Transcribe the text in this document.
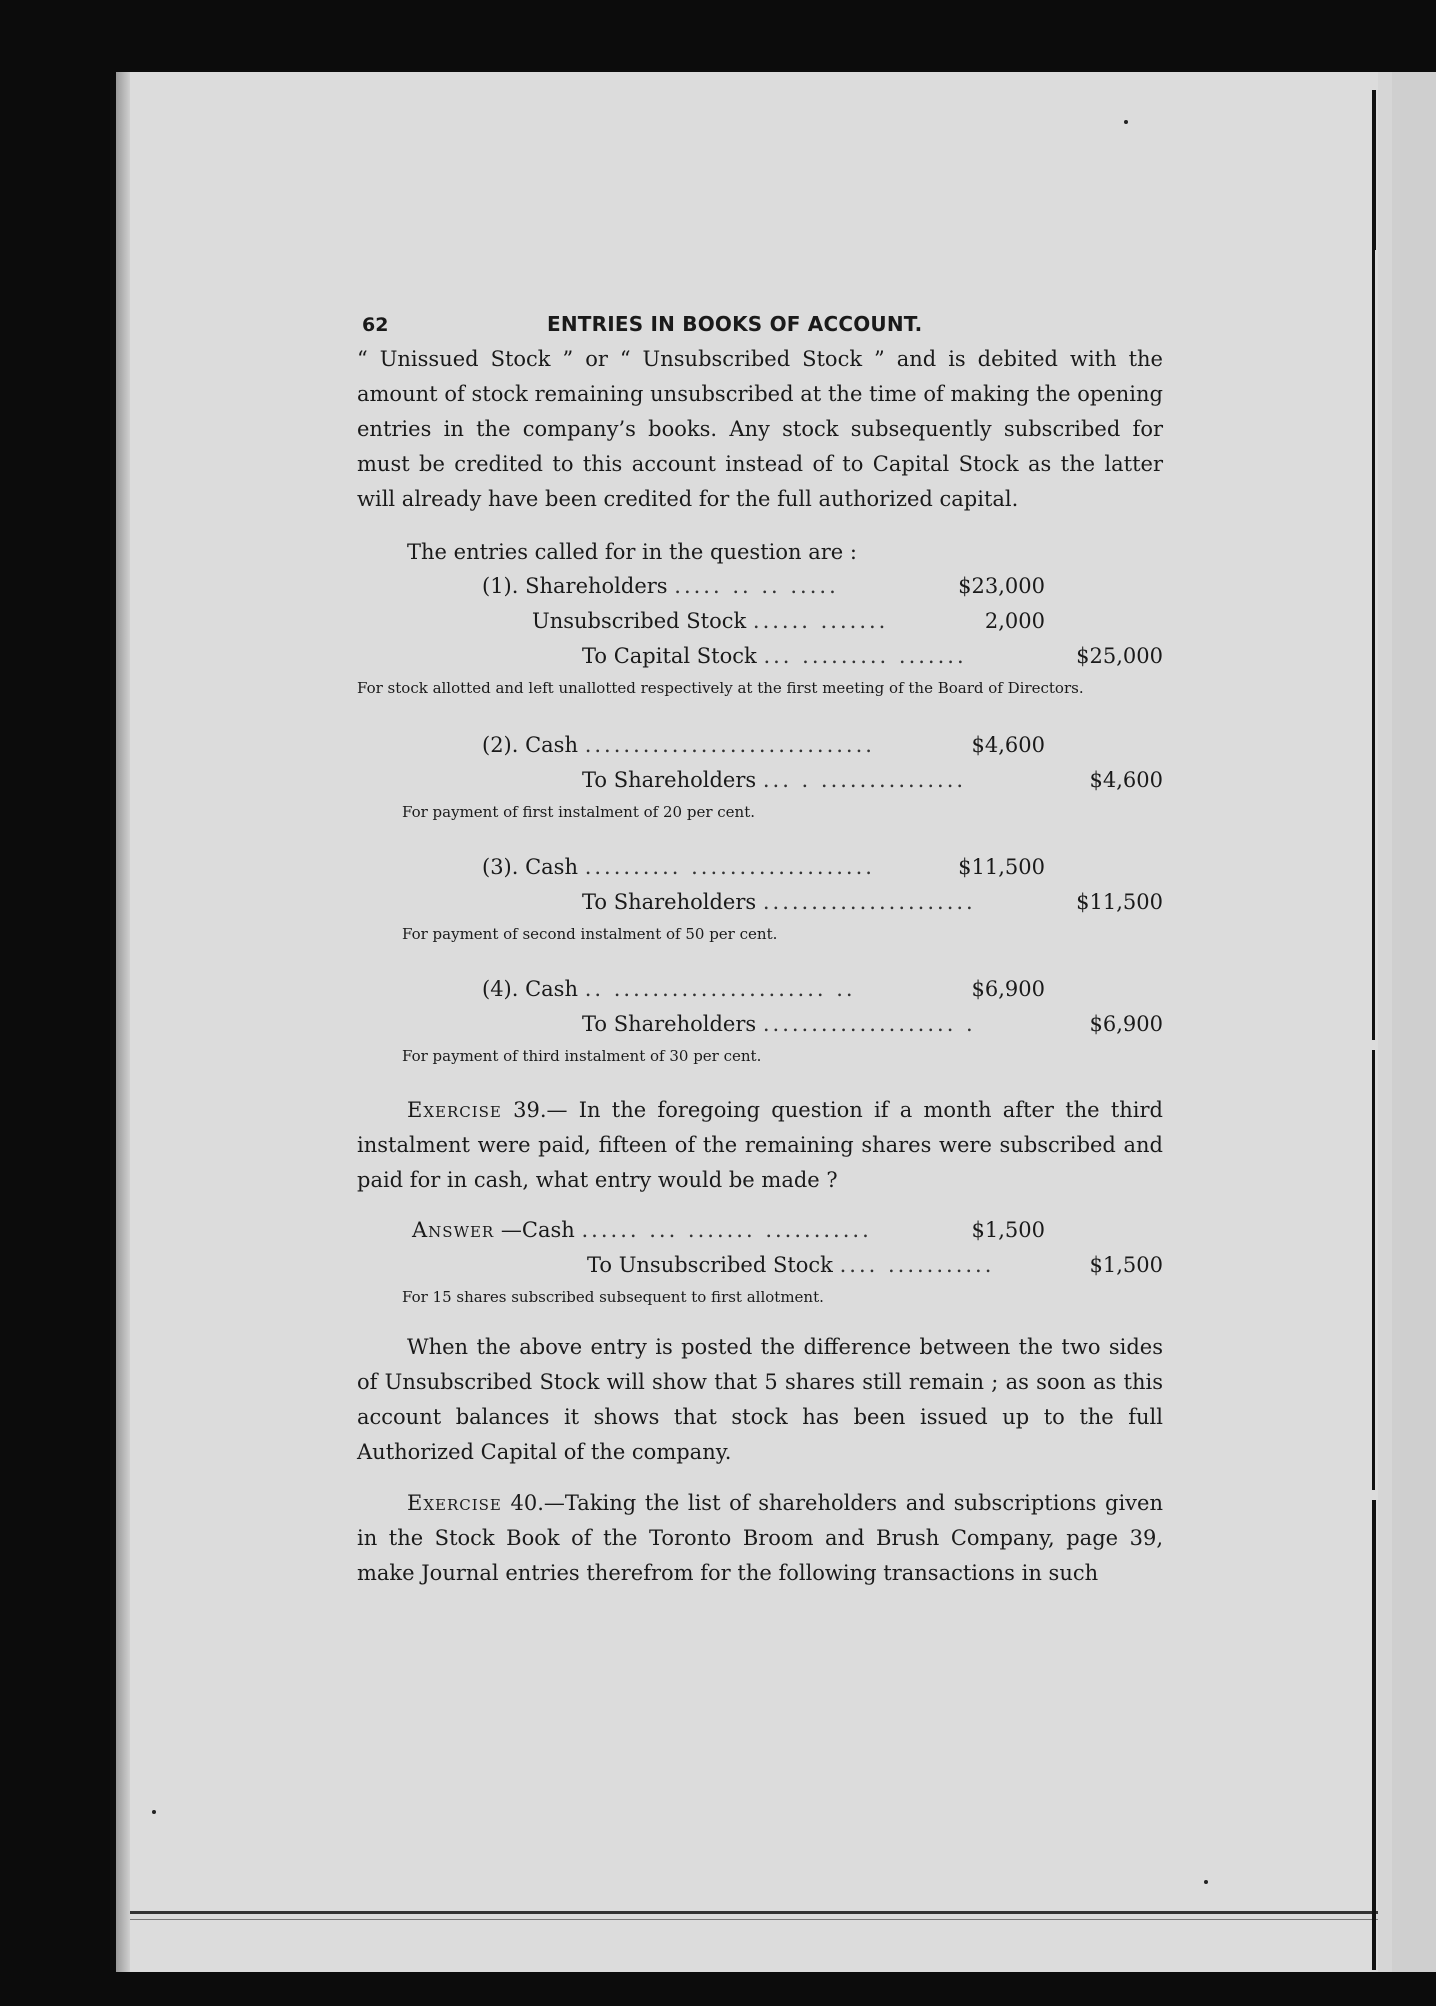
62	ENTRIES IN BOOKS OF ACCOUNT.

“ Unissued Stock ” or “ Unsubscribed Stock ” and is debited with the amount of stock remaining unsubscribed at the time of making the opening entries in the company’s books. Any stock subsequently subscribed for must be credited to this account instead of to Capital Stock as the latter will already have been credited for the full authorized capital.

The entries called for in the question are :

(1). Shareholders ..... .. .. .....	$23,000
Unsubscribed Stock ...... .......	2,000
To Capital Stock ... ......... .......	$25,000

For stock allotted and left unallotted respectively at the first meeting of the Board of Directors.

(2). Cash ..............................	$4,600
To Shareholders ... . ...............	$4,600

For payment of first instalment of 20 per cent.

(3). Cash .......... ...................	$11,500
To Shareholders ......................	$11,500

For payment of second instalment of 50 per cent.

(4). Cash .. ...................... ..	$6,900
To Shareholders .................... .	$6,900

For payment of third instalment of 30 per cent.

Exercise 39.— In the foregoing question if a month after the third instalment were paid, fifteen of the remaining shares were subscribed and paid for in cash, what entry would be made ?

Answer —Cash ...... ... ....... ...........	$1,500
To Unsubscribed Stock .... ...........	$1,500

For 15 shares subscribed subsequent to first allotment.

When the above entry is posted the difference between the two sides of Unsubscribed Stock will show that 5 shares still remain ; as soon as this account balances it shows that stock has been issued up to the full Authorized Capital of the company.

Exercise 40.—Taking the list of shareholders and subscriptions given in the Stock Book of the Toronto Broom and Brush Company, page 39, make Journal entries therefrom for the following transactions in such
